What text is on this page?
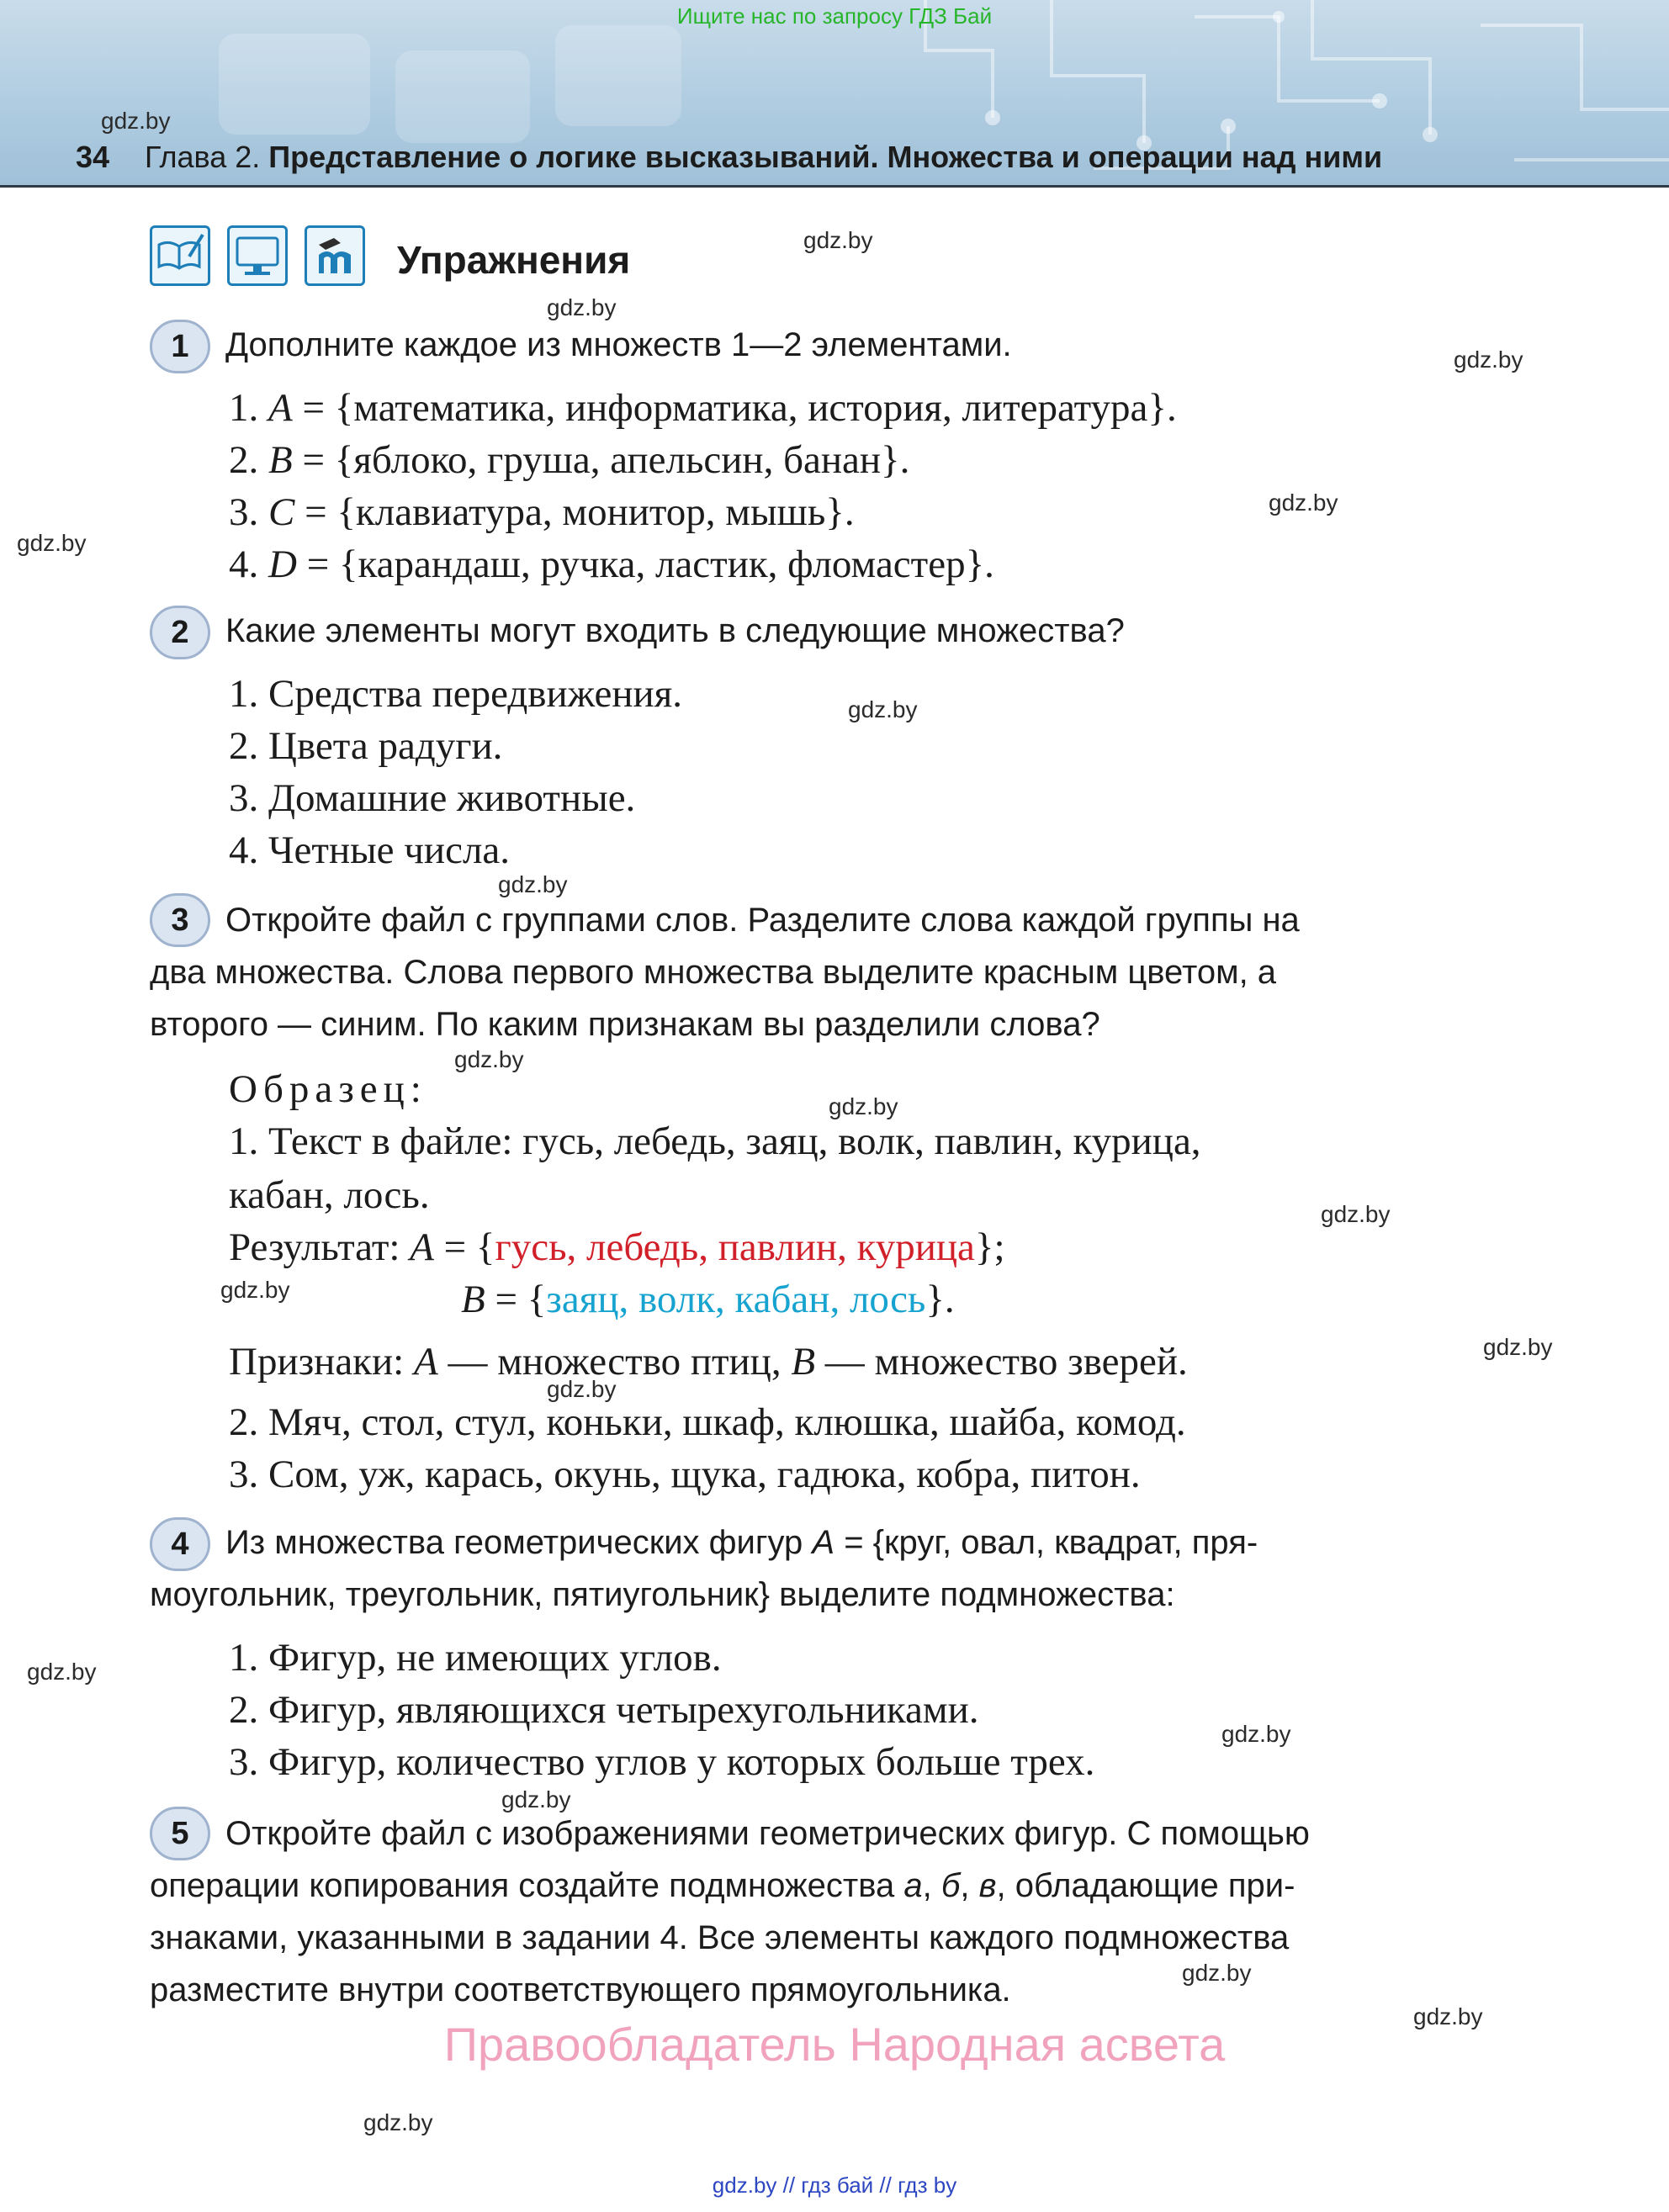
Ищите нас по запросу ГДЗ Бай
gdz.by
34 Глава 2. Представление о логике высказываний. Множества и операции над ними
Упражнения	gdz.by
gdz.by
1	Дополните каждое из множеств 1—2 элементами.	gdz.by
1. A = {математика, информатика, история, литература}.
2. B = {яблоко, груша, апельсин, банан}.
3. C = {клавиатура, монитор, мышь}.	gdz.by
gdz.by	4. D = {карандаш, ручка, ластик, фломастер}.
2	Какие элементы могут входить в следующие множества?
1. Средства передвижения.	gdz.by
2. Цвета радуги.
3. Домашние животные.
4. Четные числа.
gdz.by
3	Откройте файл с группами слов. Разделите слова каждой группы на
два множества. Слова первого множества выделите красным цветом, а
второго — синим. По каким признакам вы разделили слова?
gdz.by
Образец:	gdz.by
1. Текст в файле: гусь, лебедь, заяц, волк, павлин, курица,
кабан, лось.	gdz.by
Результат: A = {гусь, лебедь, павлин, курица};
gdz.by	B = {заяц, волк, кабан, лось}.
Признаки: A — множество птиц, B — множество зверей.	gdz.by
gdz.by
2. Мяч, стол, стул, коньки, шкаф, клюшка, шайба, комод.
3. Сом, уж, карась, окунь, щука, гадюка, кобра, питон.
4	Из множества геометрических фигур A = {круг, овал, квадрат, пря-
моугольник, треугольник, пятиугольник} выделите подмножества:
1. Фигур, не имеющих углов.
gdz.by
2. Фигур, являющихся четырехугольниками.
gdz.by
3. Фигур, количество углов у которых больше трех.
gdz.by
5	Откройте файл с изображениями геометрических фигур. С помощью
операции копирования создайте подмножества а, б, в, обладающие при-
знаками, указанными в задании 4. Все элементы каждого подмножества
разместите внутри соответствующего прямоугольника.	gdz.by
gdz.by
Правообладатель Народная асвета
gdz.by
gdz.by // гдз бай // гдз by
